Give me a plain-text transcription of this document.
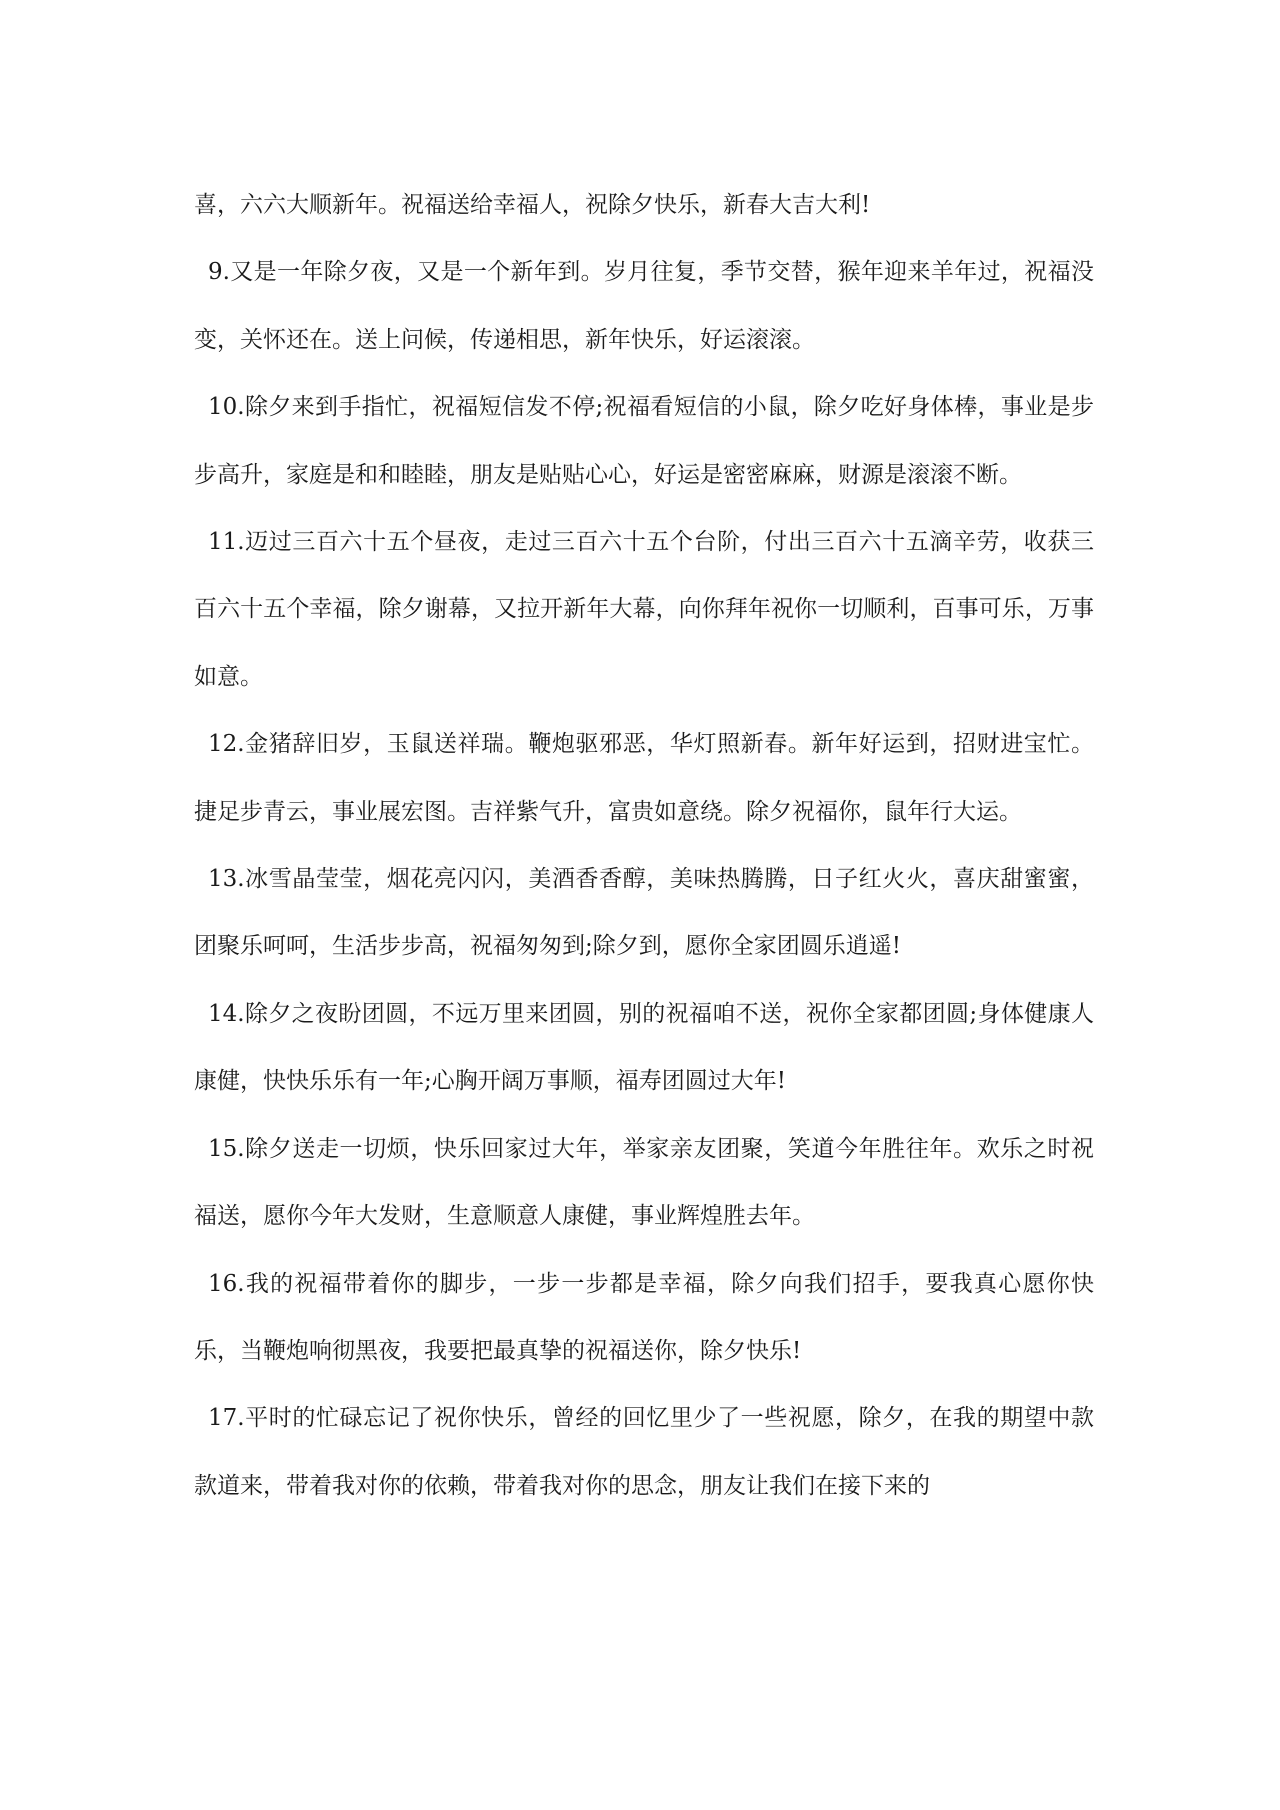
喜，六六大顺新年。祝福送给幸福人，祝除夕快乐，新春大吉大利!

9.又是一年除夕夜，又是一个新年到。岁月往复，季节交替，猴年迎来羊年过，祝福没变，关怀还在。送上问候，传递相思，新年快乐，好运滚滚。

10.除夕来到手指忙，祝福短信发不停;祝福看短信的小鼠，除夕吃好身体棒，事业是步步高升，家庭是和和睦睦，朋友是贴贴心心，好运是密密麻麻，财源是滚滚不断。

11.迈过三百六十五个昼夜，走过三百六十五个台阶，付出三百六十五滴辛劳，收获三百六十五个幸福，除夕谢幕，又拉开新年大幕，向你拜年祝你一切顺利，百事可乐，万事如意。

12.金猪辞旧岁，玉鼠送祥瑞。鞭炮驱邪恶，华灯照新春。新年好运到，招财进宝忙。捷足步青云，事业展宏图。吉祥紫气升，富贵如意绕。除夕祝福你，鼠年行大运。

13.冰雪晶莹莹，烟花亮闪闪，美酒香香醇，美味热腾腾，日子红火火，喜庆甜蜜蜜，团聚乐呵呵，生活步步高，祝福匆匆到;除夕到，愿你全家团圆乐逍遥!

14.除夕之夜盼团圆，不远万里来团圆，别的祝福咱不送，祝你全家都团圆;身体健康人康健，快快乐乐有一年;心胸开阔万事顺，福寿团圆过大年!

15.除夕送走一切烦，快乐回家过大年，举家亲友团聚，笑道今年胜往年。欢乐之时祝福送，愿你今年大发财，生意顺意人康健，事业辉煌胜去年。

16.我的祝福带着你的脚步，一步一步都是幸福，除夕向我们招手，要我真心愿你快乐，当鞭炮响彻黑夜，我要把最真挚的祝福送你，除夕快乐!

17.平时的忙碌忘记了祝你快乐，曾经的回忆里少了一些祝愿，除夕，在我的期望中款款道来，带着我对你的依赖，带着我对你的思念，朋友让我们在接下来的
